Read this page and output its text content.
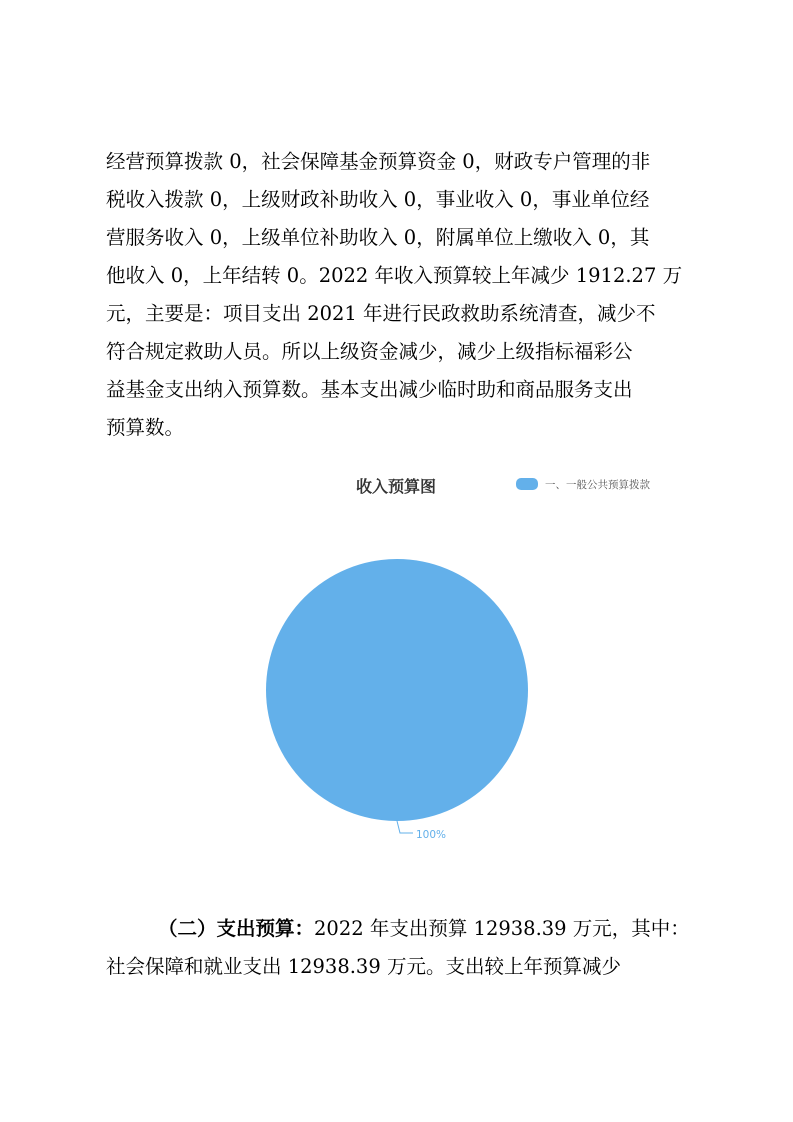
经营预算拨款 0，社会保障基金预算资金 0，财政专户管理的非
税收入拨款 0，上级财政补助收入 0，事业收入 0，事业单位经
营服务收入 0，上级单位补助收入 0，附属单位上缴收入 0，其
他收入 0，上年结转 0。2022 年收入预算较上年减少 1912.27 万
元，主要是：项目支出 2021 年进行民政救助系统清查，减少不
符合规定救助人员。所以上级资金减少，减少上级指标福彩公
益基金支出纳入预算数。基本支出减少临时助和商品服务支出
预算数。
收入预算图	一、一般公共预算拨款
100%
（二）支出预算：2022 年支出预算 12938.39 万元，其中：
社会保障和就业支出 12938.39 万元。支出较上年预算减少
